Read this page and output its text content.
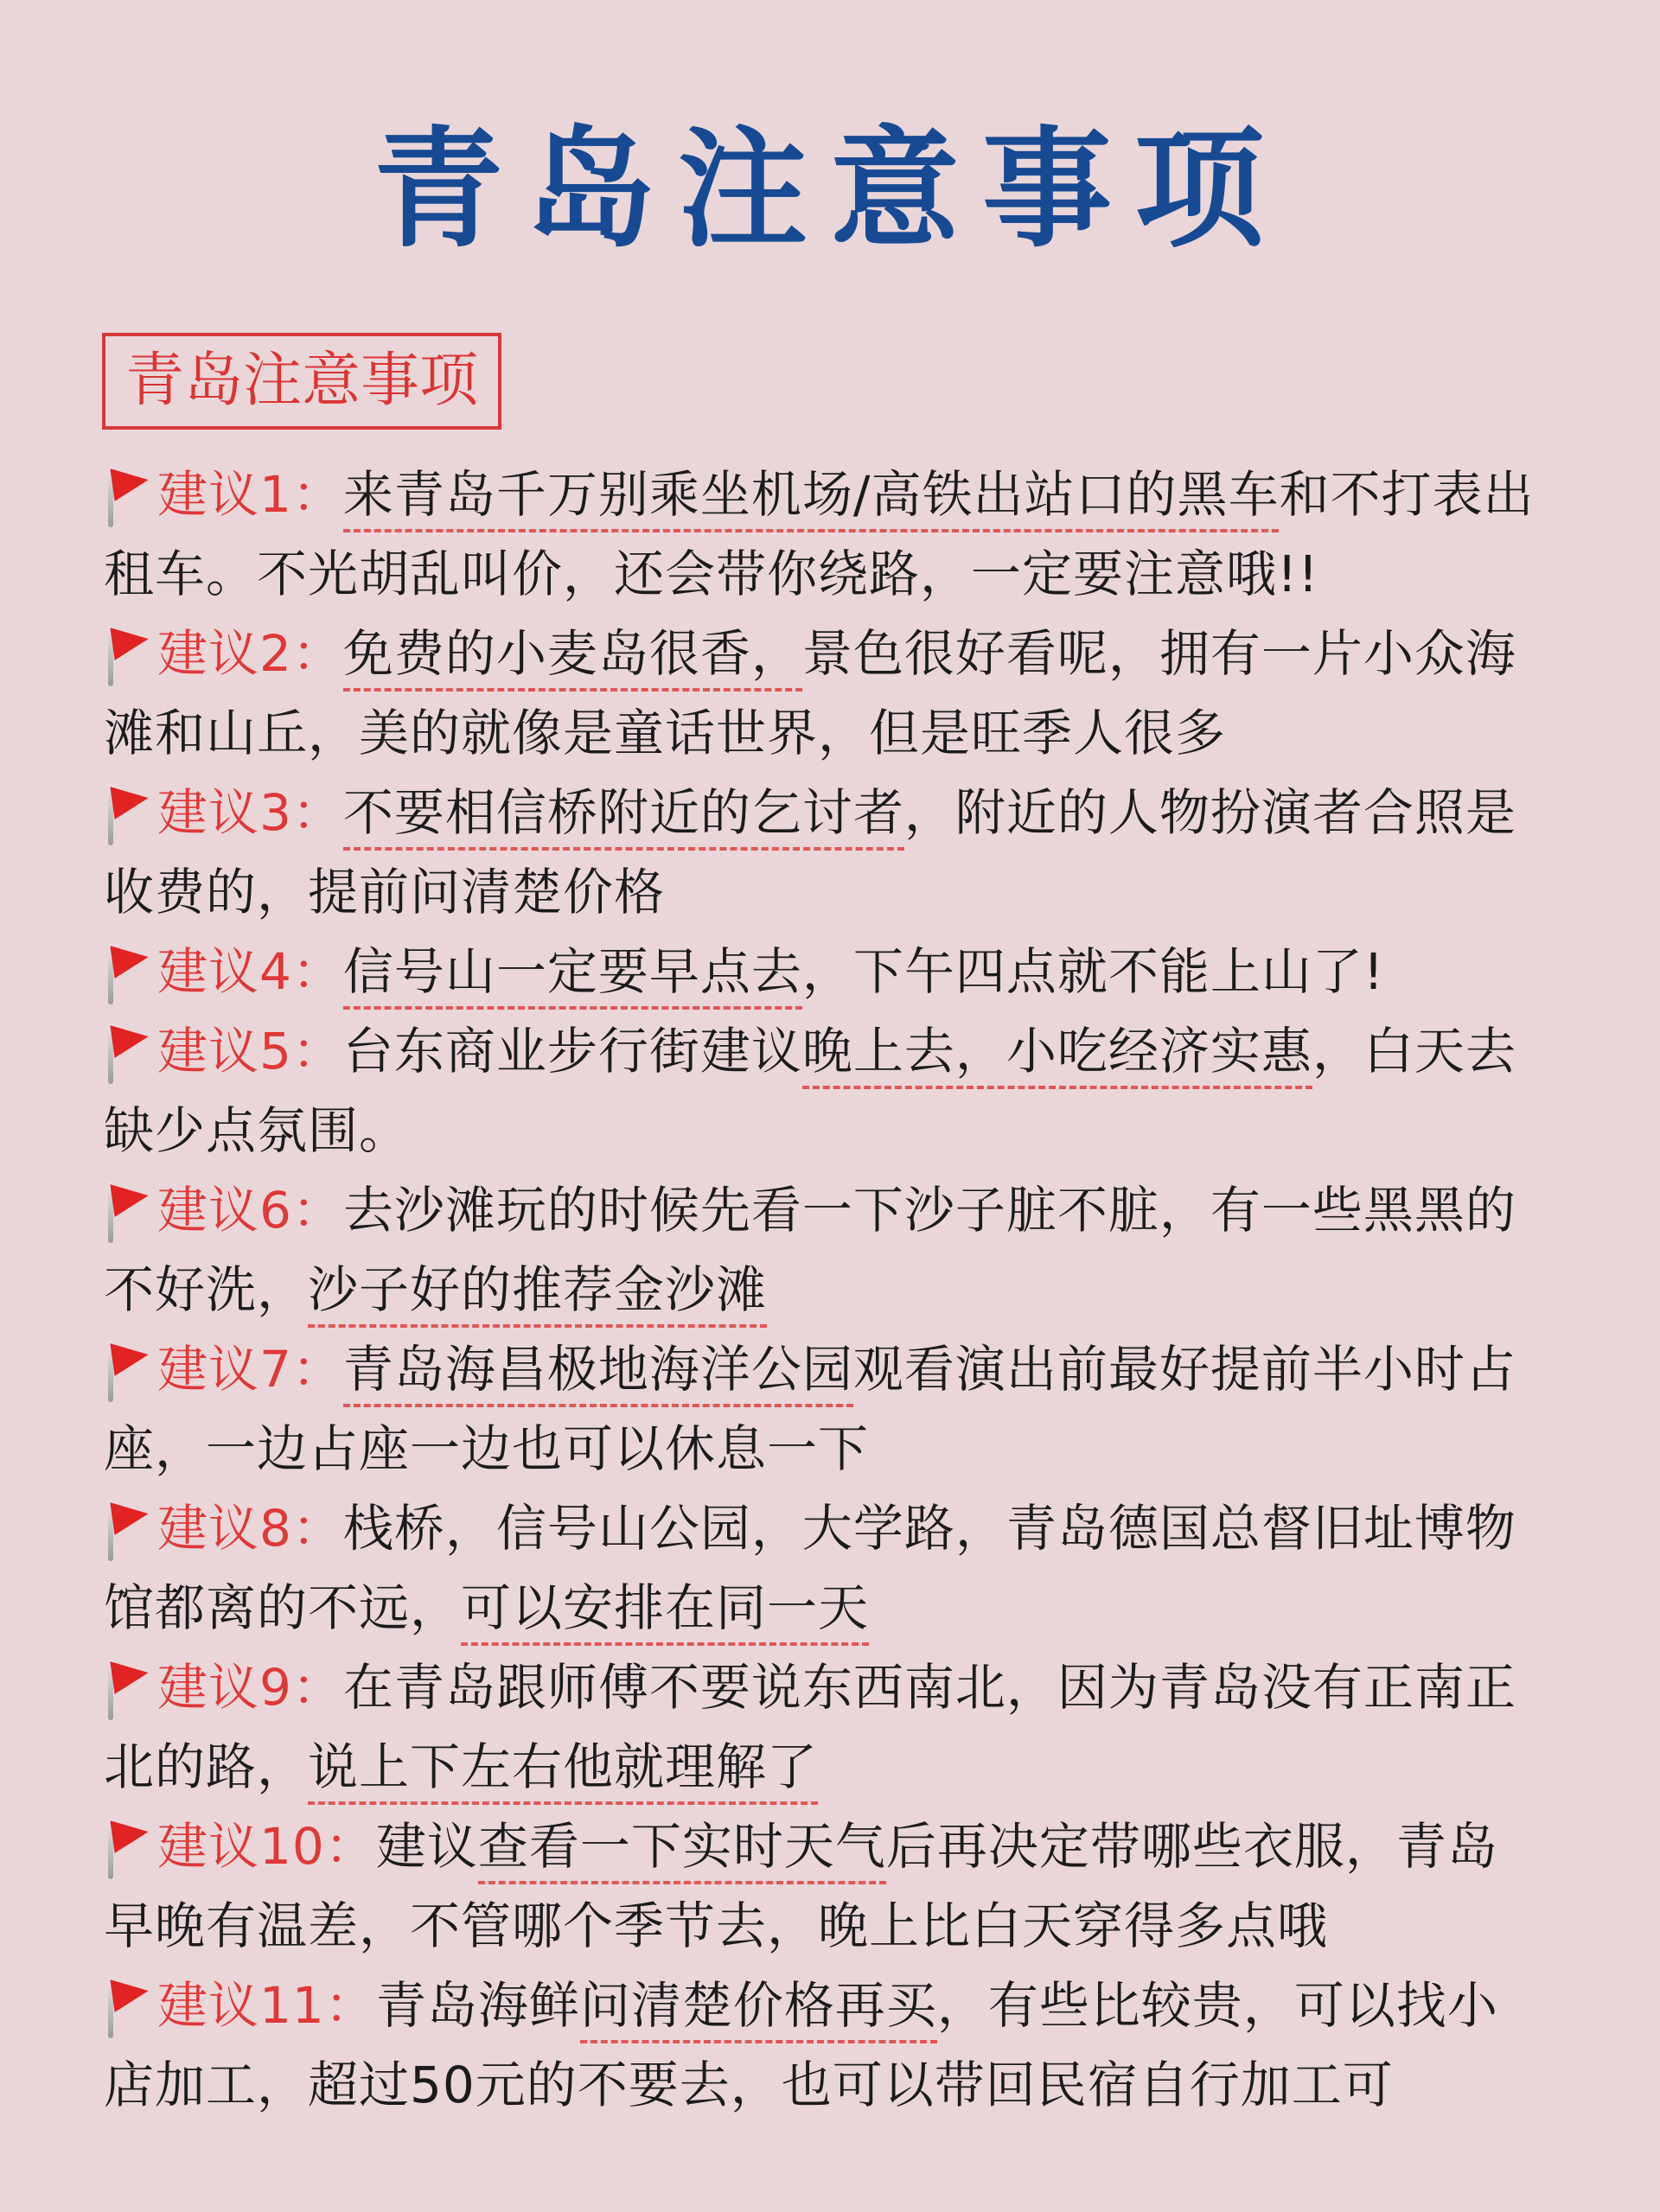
青岛注意事项
青岛注意事项
建议1：来青岛千万别乘坐机场/高铁出站口的黑车和不打表出租车。不光胡乱叫价，还会带你绕路，一定要注意哦!!
建议2：免费的小麦岛很香，景色很好看呢，拥有一片小众海滩和山丘，美的就像是童话世界，但是旺季人很多
建议3：不要相信桥附近的乞讨者，附近的人物扮演者合照是收费的，提前问清楚价格
建议4：信号山一定要早点去，下午四点就不能上山了!
建议5：台东商业步行街建议晚上去，小吃经济实惠，白天去缺少点氛围。
建议6：去沙滩玩的时候先看一下沙子脏不脏，有一些黑黑的不好洗，沙子好的推荐金沙滩
建议7：青岛海昌极地海洋公园观看演出前最好提前半小时占座，一边占座一边也可以休息一下
建议8：栈桥，信号山公园，大学路，青岛德国总督旧址博物馆都离的不远，可以安排在同一天
建议9：在青岛跟师傅不要说东西南北，因为青岛没有正南正北的路，说上下左右他就理解了
建议10：建议查看一下实时天气后再决定带哪些衣服，青岛早晚有温差，不管哪个季节去，晚上比白天穿得多点哦
建议11：青岛海鲜问清楚价格再买，有些比较贵，可以找小店加工，超过50元的不要去，也可以带回民宿自行加工可
